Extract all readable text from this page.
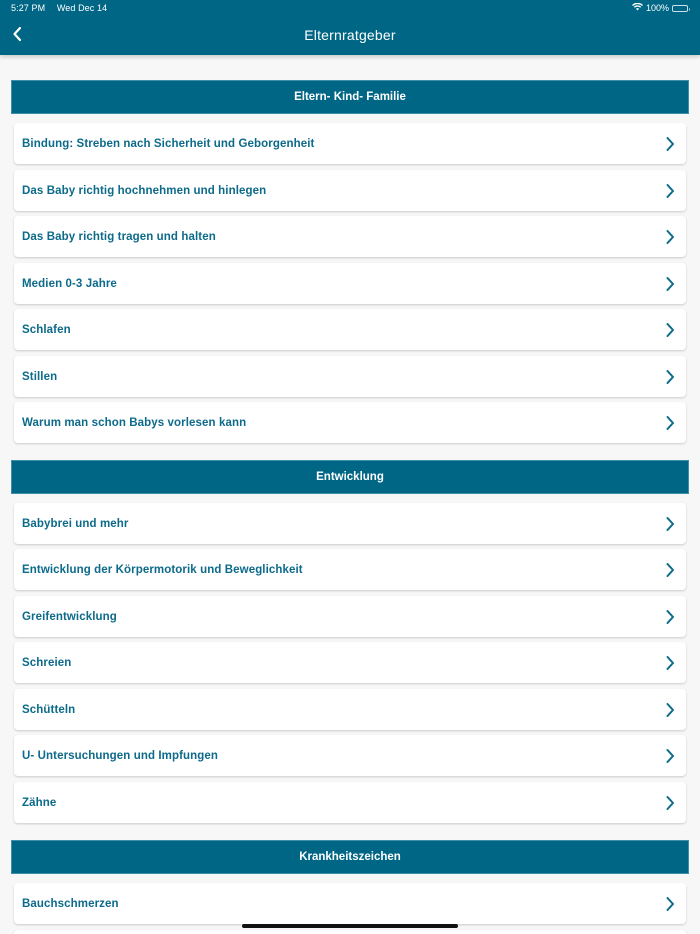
5:27 PM Wed Dec 14	100%
Elternratgeber
Eltern- Kind- Familie
Bindung: Streben nach Sicherheit und Geborgenheit
Das Baby richtig hochnehmen und hinlegen
Das Baby richtig tragen und halten
Medien 0-3 Jahre
Schlafen
Stillen
Warum man schon Babys vorlesen kann
Entwicklung
Babybrei und mehr
Entwicklung der Körpermotorik und Beweglichkeit
Greifentwicklung
Schreien
Schütteln
U- Untersuchungen und Impfungen
Zähne
Krankheitszeichen
Bauchschmerzen
